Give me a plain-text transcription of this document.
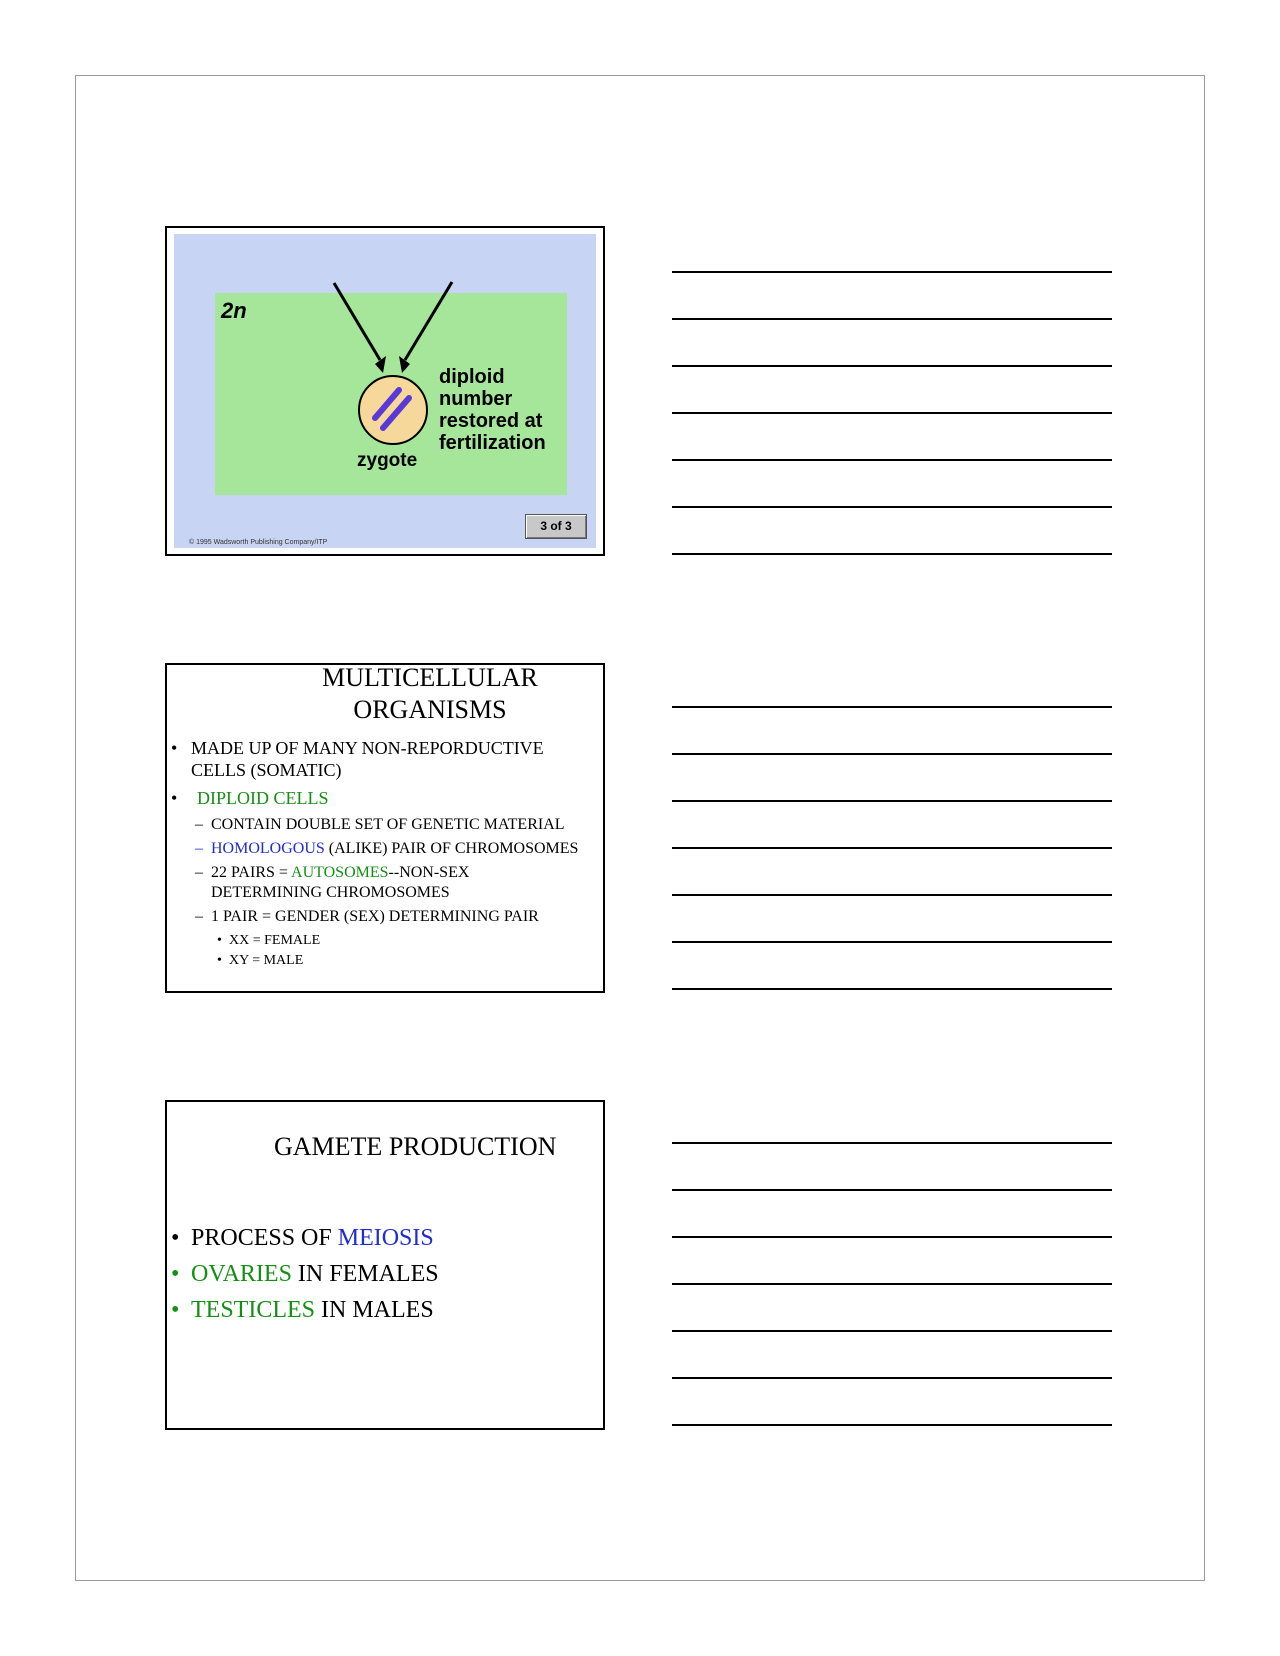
2n
diploid
number
restored at
fertilization
zygote
3 of 3
© 1995 Wadsworth Publishing Company/ITP
MULTICELLULAR
ORGANISMS
• MADE UP OF MANY NON-REPORDUCTIVE
CELLS (SOMATIC)
• DIPLOID CELLS
– CONTAIN DOUBLE SET OF GENETIC MATERIAL
– HOMOLOGOUS (ALIKE) PAIR OF CHROMOSOMES
– 22 PAIRS = AUTOSOMES--NON-SEX
DETERMINING CHROMOSOMES
– 1 PAIR = GENDER (SEX) DETERMINING PAIR
• XX = FEMALE
• XY = MALE
GAMETE PRODUCTION
• PROCESS OF MEIOSIS
• OVARIES IN FEMALES
• TESTICLES IN MALES
